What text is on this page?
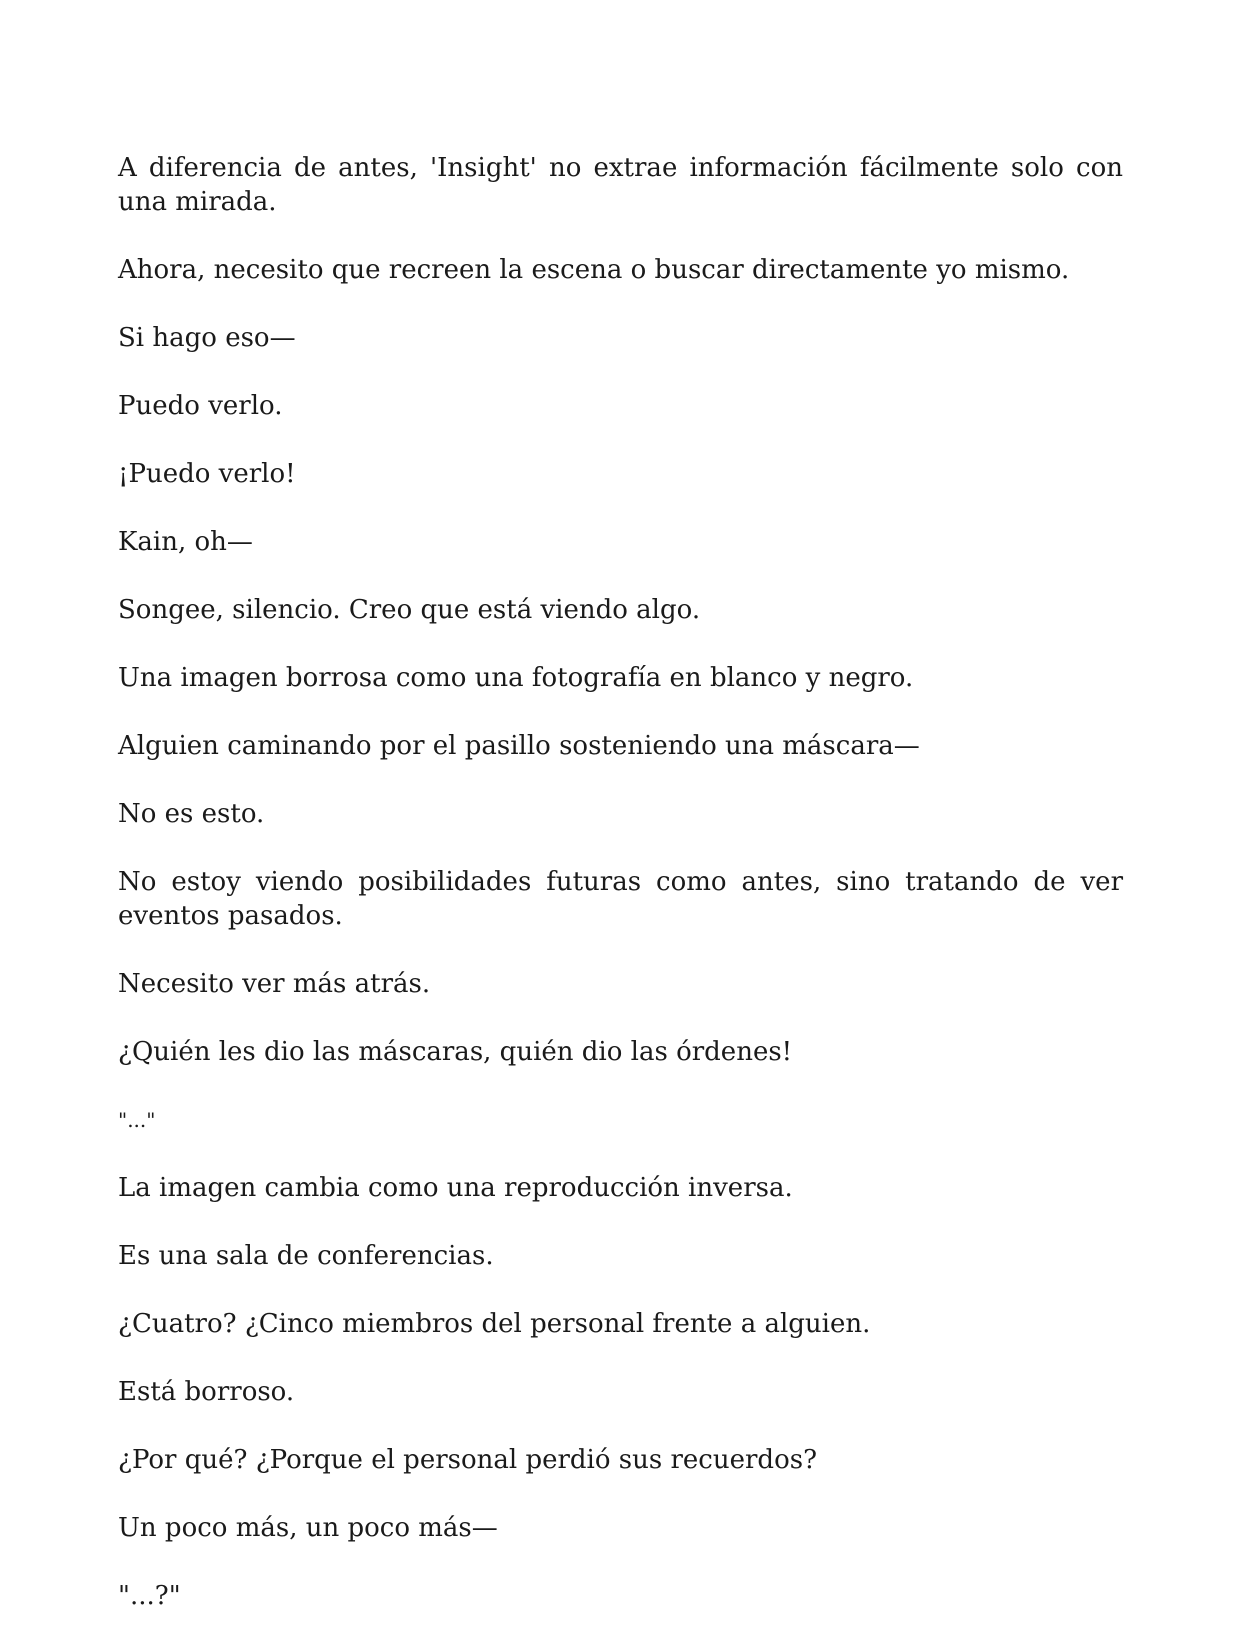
A diferencia de antes, 'Insight' no extrae información fácilmente solo con una mirada.

Ahora, necesito que recreen la escena o buscar directamente yo mismo.

Si hago eso—

Puedo verlo.

¡Puedo verlo!

Kain, oh—

Songee, silencio. Creo que está viendo algo.

Una imagen borrosa como una fotografía en blanco y negro.

Alguien caminando por el pasillo sosteniendo una máscara—

No es esto.

No estoy viendo posibilidades futuras como antes, sino tratando de ver eventos pasados.

Necesito ver más atrás.

¿Quién les dio las máscaras, quién dio las órdenes!

"..."

La imagen cambia como una reproducción inversa.

Es una sala de conferencias.

¿Cuatro? ¿Cinco miembros del personal frente a alguien.

Está borroso.

¿Por qué? ¿Porque el personal perdió sus recuerdos?

Un poco más, un poco más—

"...?"
